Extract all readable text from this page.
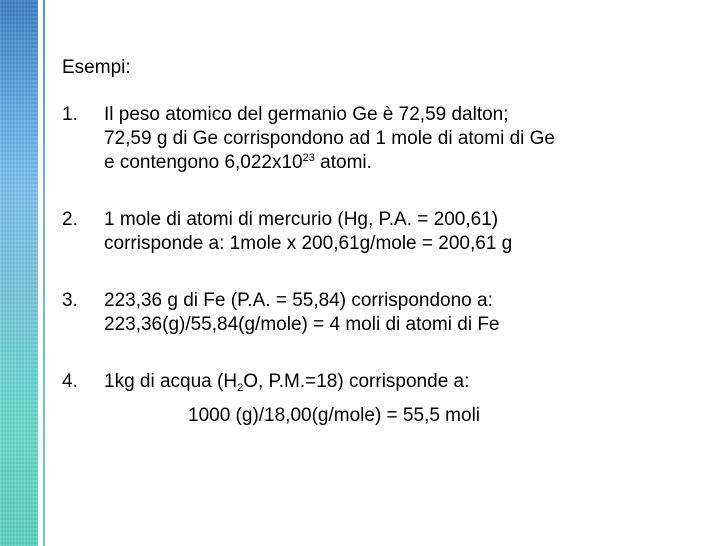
Esempi:
1. Il peso atomico del germanio Ge è 72,59 dalton;
72,59 g di Ge corrispondono ad 1 mole di atomi di Ge
e contengono $6,022x10^{23}$ atomi.
2. 1 mole di atomi di mercurio (Hg, P.A. = 200,61)
corrisponde a: 1mole x 200,61g/mole = 200,61 g
3. 223,36 g di Fe (P.A. = 55,84) corrispondono a:
223,36(g)/55,84(g/mole) = 4 moli di atomi di Fe
4. 1kg di acqua ($H_2O$, P.M.=18) corrisponde a:
1000 (g)/18,00(g/mole) = 55,5 moli
